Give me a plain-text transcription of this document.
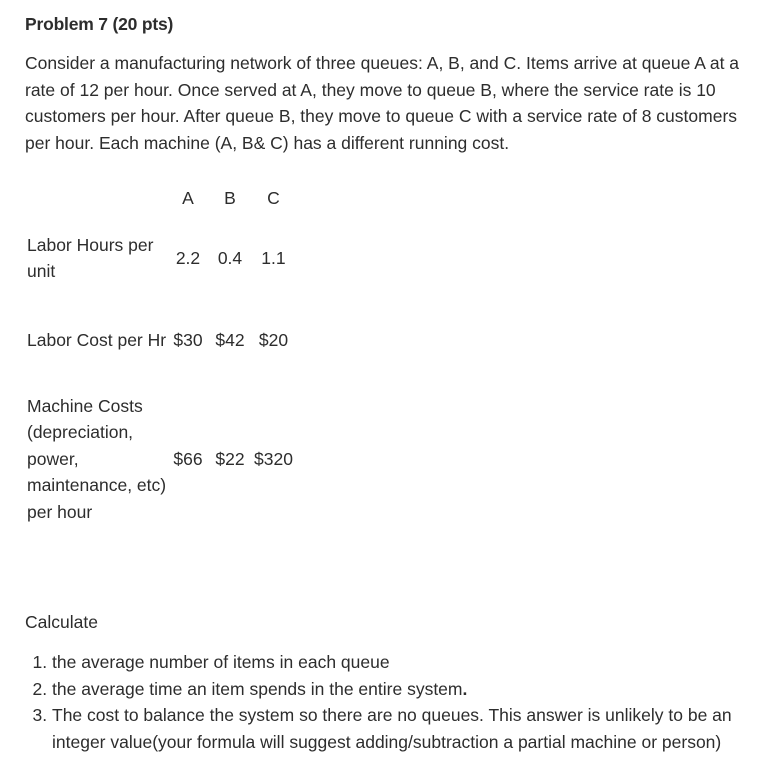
Problem 7 (20 pts)

Consider a manufacturing network of three queues: A, B, and C. Items arrive at queue A at a rate of 12 per hour. Once served at A, they move to queue B, where the service rate is 10 customers per hour. After queue B, they move to queue C with a service rate of 8 customers per hour. Each machine (A, B& C) has a different running cost.

	A	B	C
Labor Hours per unit	2.2	0.4	1.1
Labor Cost per Hr	$30	$42	$20
Machine Costs (depreciation, power, maintenance, etc) per hour	$66	$22	$320

Calculate

1. the average number of items in each queue
2. the average time an item spends in the entire system.
3. The cost to balance the system so there are no queues. This answer is unlikely to be an integer value(your formula will suggest adding/subtraction a partial machine or person)
